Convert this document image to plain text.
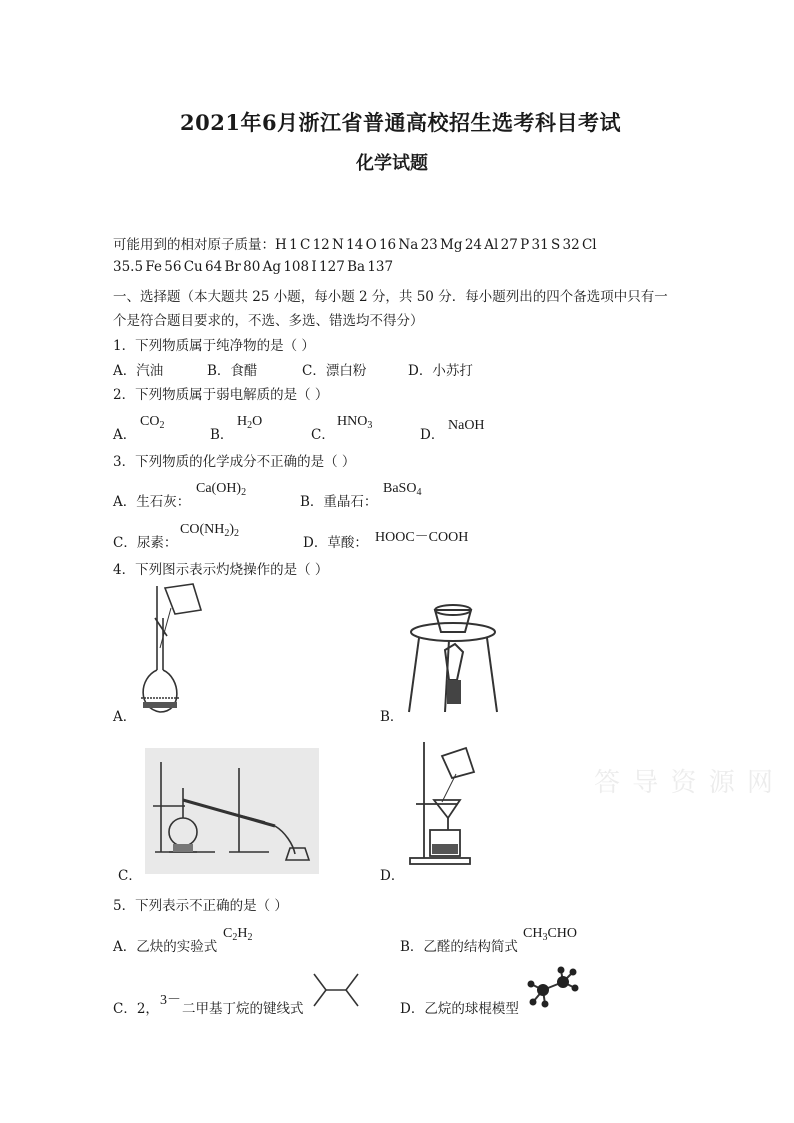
2021年6月浙江省普通高校招生选考科目考试
化学试题
可能用到的相对原子质量：H 1 C 12 N 14 O 16 Na 23 Mg 24 Al 27 P 31 S 32 Cl
35.5 Fe 56 Cu 64 Br 80 Ag 108 I 127 Ba 137
一、选择题（本大题共 25 小题，每小题 2 分，共 50 分．每小题列出的四个备选项中只有一
个是符合题目要求的，不选、多选、错选均不得分）
1．下列物质属于纯净物的是（ ）
A．汽油	B．食醋	C．漂白粉	D．小苏打
2．下列物质属于弱电解质的是（ ）
A．
$CO_2$
B．
$H_2O$
C．
$HNO_3$
D．
NaOH
3．下列物质的化学成分不正确的是（ ）
A．生石灰：
$Ca(OH)_2$
B．重晶石：
BaSO$_4$
C．尿素：
$CO(NH_2)_2$
D．草酸： HOOC－COOH
4．下列图示表示灼烧操作的是（ ）
A．	B．
C．	D．
答 导 资 源 网
5．下列表示不正确的是（ ）
A．乙炔的实验式
$C_2H_2$
B．乙醛的结构简式
$CH_3CHO$
C．2，
3－
二甲基丁烷的键线式	D．乙烷的球棍模型
